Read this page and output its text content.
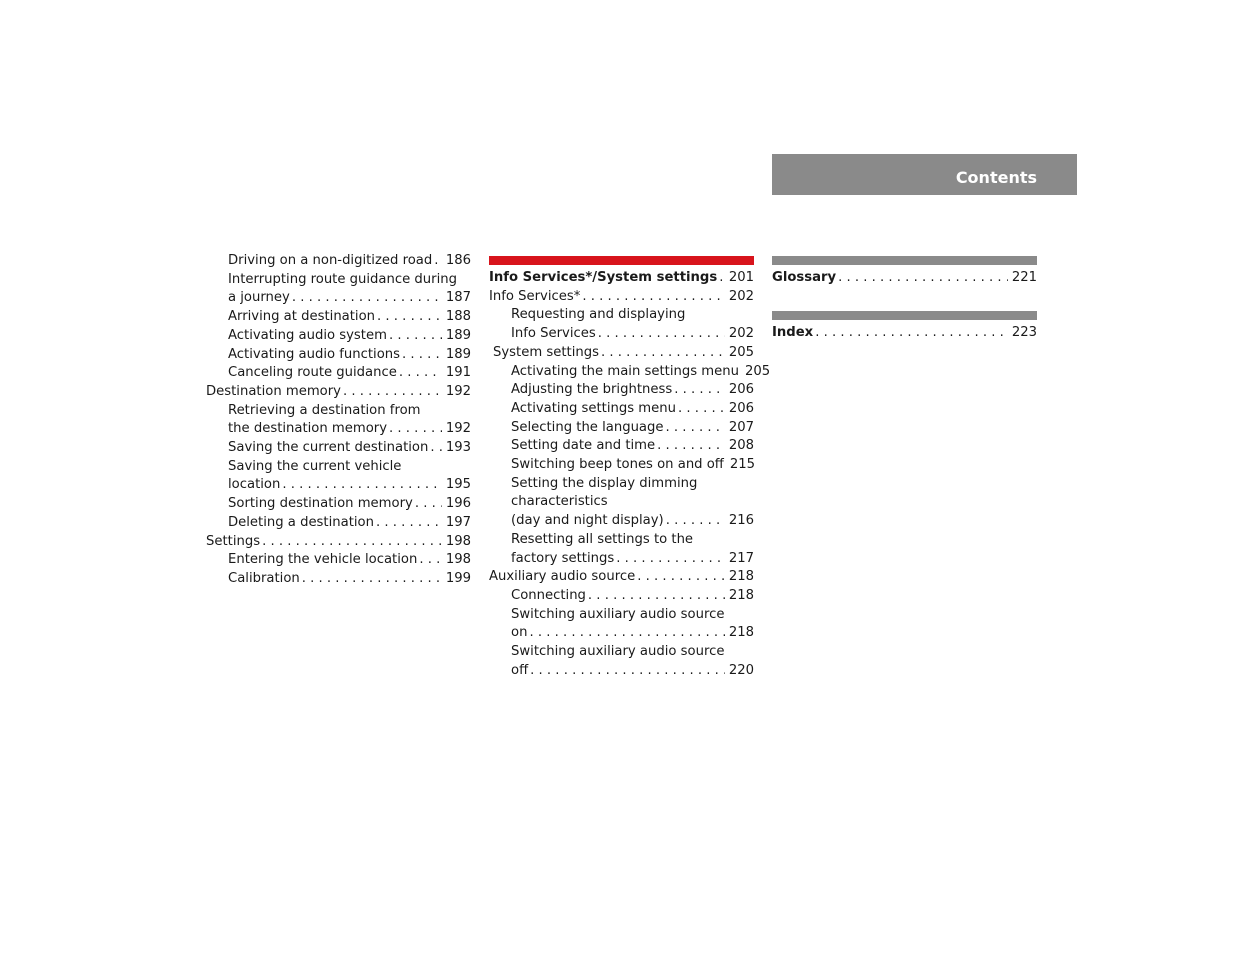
Contents
Driving on a non-digitized road . . . 186
Interrupting route guidance during
a journey . . .	187
Arriving at destination . . .	188
Activating audio system . . .	189
Activating audio functions . . .	189
Canceling route guidance . . .	191
Destination memory . . .	192
Retrieving a destination from
the destination memory . . .	192
Saving the current destination . . . 193
Saving the current vehicle
location . . .	195
Sorting destination memory . . .	196
Deleting a destination . . .	197
Settings . . .	198
Entering the vehicle location . . . 198
Calibration . . .	199
Info Services*/System settings . . . 201
Info Services* . . .	202
Requesting and displaying
Info Services . . .	202
System settings . . .	205
Activating the main settings menu 205
Adjusting the brightness . . .	206
Activating settings menu . . .	206
Selecting the language . . .	207
Setting date and time . . .	208
Switching beep tones on and off 215
Setting the display dimming
characteristics
(day and night display) . . .	216
Resetting all settings to the
factory settings . . .	217
Auxiliary audio source . . .	218
Connecting . . .	218
Switching auxiliary audio source
on . . .	218
Switching auxiliary audio source
off . . .	220
Glossary . . .	221
Index . . .	223
